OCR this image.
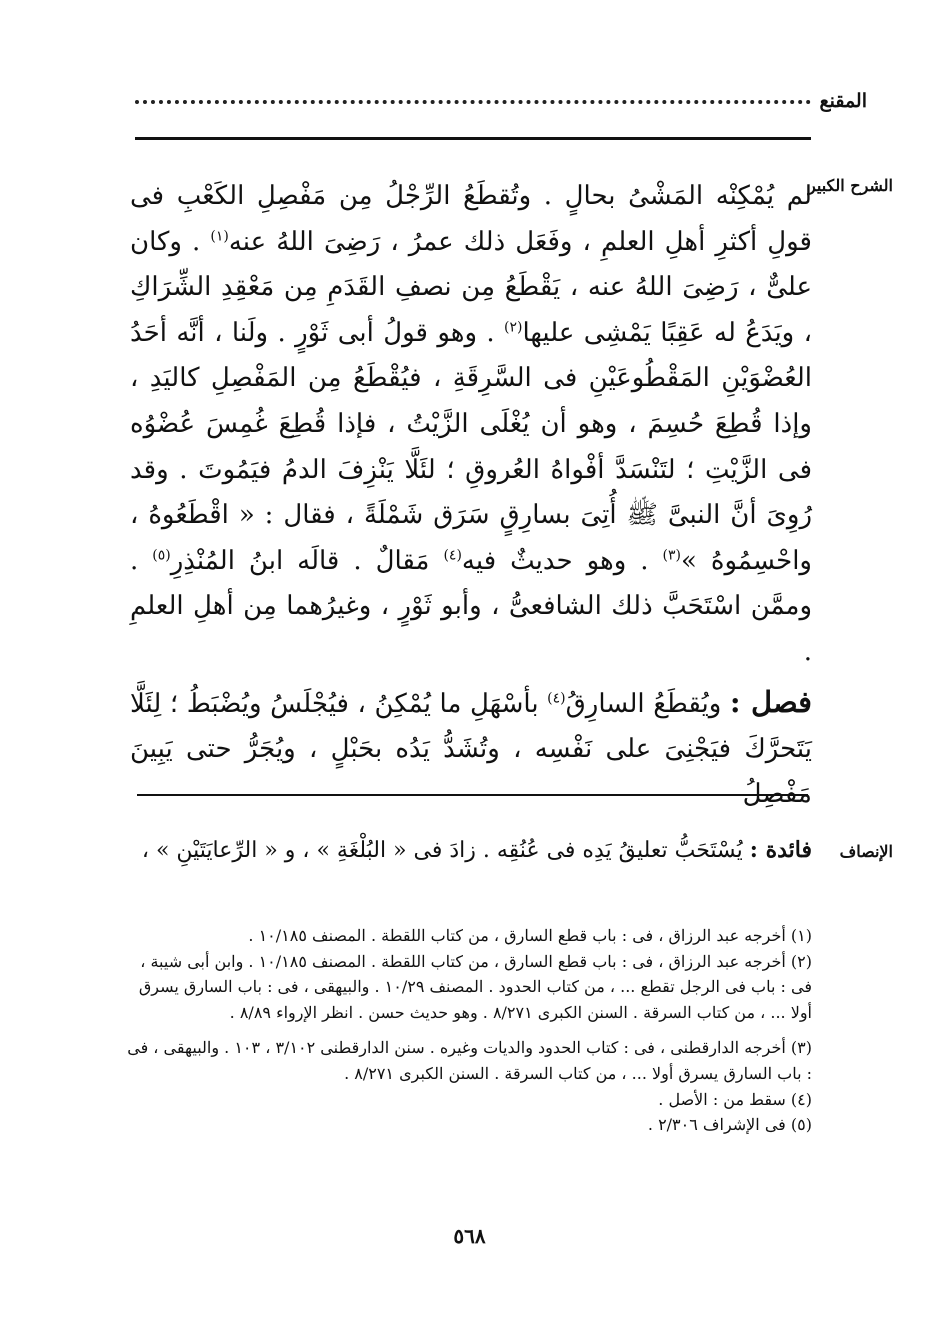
المقنع
الشرح الكبير
الإنصاف
لم يُمْكِنْه المَشْىُ بحالٍ . وتُقطَعُ الرِّجْلُ مِن مَفْصِلِ الكَعْبِ فى قولِ أكثرِ أهلِ العلمِ ، وفَعَل ذلك عمرُ ، رَضِىَ اللهُ عنه$^{(١)}$ . وكان علىٌّ ، رَضِىَ اللهُ عنه ، يَقْطَعُ مِن نصفِ القَدَمِ مِن مَعْقِدِ الشِّرَاكِ ، ويَدَعُ له عَقِبًا يَمْشِى عليها$^{(٢)}$ . وهو قولُ أبى ثَوْرٍ . ولَنا ، أنَّه أحَدُ العُضْوَيْنِ المَقْطُوعَيْنِ فى السَّرِقَةِ ، فيُقْطَعُ مِن المَفْصِلِ كاليَدِ ، وإذا قُطِعَ حُسِمَ ، وهو أن يُغْلَى الزَّيْتُ ، فإذا قُطِعَ غُمِسَ عُضْوُه فى الزَّيْتِ ؛ لتَنْسَدَّ أفْواهُ العُروقِ ؛ لئَلَّا يَنْزِفَ الدمُ فيَمُوتَ . وقد رُوِىَ أنَّ النبىَّ ﷺ أُتِىَ بسارِقٍ سَرَق شَمْلَةً ، فقال : « اقْطَعُوهُ ، واحْسِمُوهُ »$^{(٣)}$ . وهو حديثٌ فيه$^{(٤)}$ مَقالٌ . قالَه ابنُ المُنْذِرِ$^{(٥)}$ . وممَّن اسْتَحَبَّ ذلك الشافعىُّ ، وأبو ثَوْرٍ ، وغيرُهما مِن أهلِ العلمِ .
فصل : ويُقطَعُ السارِقُ$^{(٤)}$ بأسْهَلِ ما يُمْكِنُ ، فيُجْلَسُ ويُضْبَطُ ؛ لِئَلَّا يَتَحرَّكَ فيَجْنِىَ على نَفْسِه ، وتُشَدُّ يَدُه بحَبْلٍ ، ويُجَرُّ حتى يَبِينَ مَفْصِلُ
فائدة : يُسْتَحَبُّ تعليقُ يَدِه فى عُنُقِه . زادَ فى « البُلْغَةِ » ، و « الرِّعايَتَيْنِ » ،

(١) أخرجه عبد الرزاق ، فى : باب قطع السارق ، من كتاب اللقطة . المصنف ١٠/١٨٥ .

(٢) أخرجه عبد الرزاق ، فى : باب قطع السارق ، من كتاب اللقطة . المصنف ١٠/١٨٥ . وابن أبى شيبة ، فى : باب فى الرجل تقطع ... ، من كتاب الحدود . المصنف ١٠/٢٩ . والبيهقى ، فى : باب السارق يسرق أولا ... ، من كتاب السرقة . السنن الكبرى ٨/٢٧١ . وهو حديث حسن . انظر الإرواء ٨/٨٩ .

(٣) أخرجه الدارقطنى ، فى : كتاب الحدود والديات وغيره . سنن الدارقطنى ٣/١٠٢ ، ١٠٣ . والبيهقى ، فى : باب السارق يسرق أولا ... ، من كتاب السرقة . السنن الكبرى ٨/٢٧١ .

(٤) سقط من : الأصل .

(٥) فى الإشراف ٢/٣٠٦ .

٥٦٨
